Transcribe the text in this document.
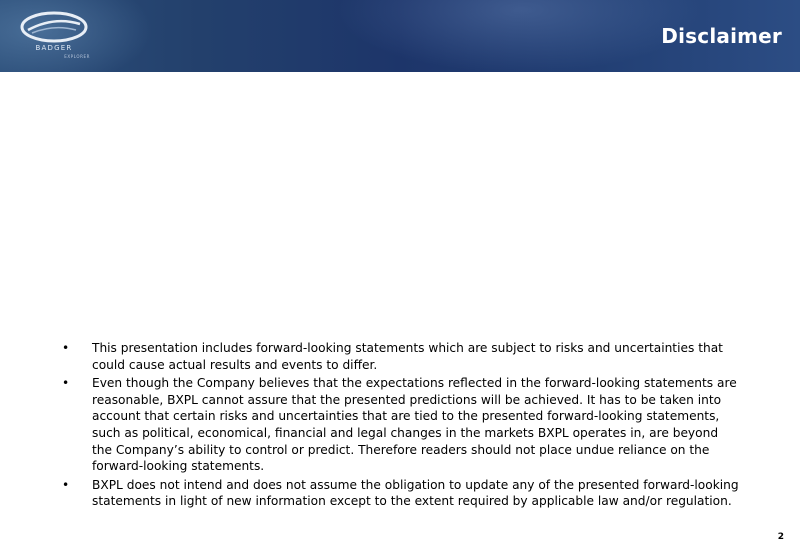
BADGER
EXPLORER
Disclaimer
• This presentation includes forward-looking statements which are subject to risks and uncertainties that could cause actual results and events to differ.
• Even though the Company believes that the expectations reflected in the forward-looking statements are reasonable, BXPL cannot assure that the presented predictions will be achieved. It has to be taken into account that certain risks and uncertainties that are tied to the presented forward-looking statements, such as political, economical, financial and legal changes in the markets BXPL operates in, are beyond the Company’s ability to control or predict. Therefore readers should not place undue reliance on the forward-looking statements.
• BXPL does not intend and does not assume the obligation to update any of the presented forward-looking statements in light of new information except to the extent required by applicable law and/or regulation.
2
